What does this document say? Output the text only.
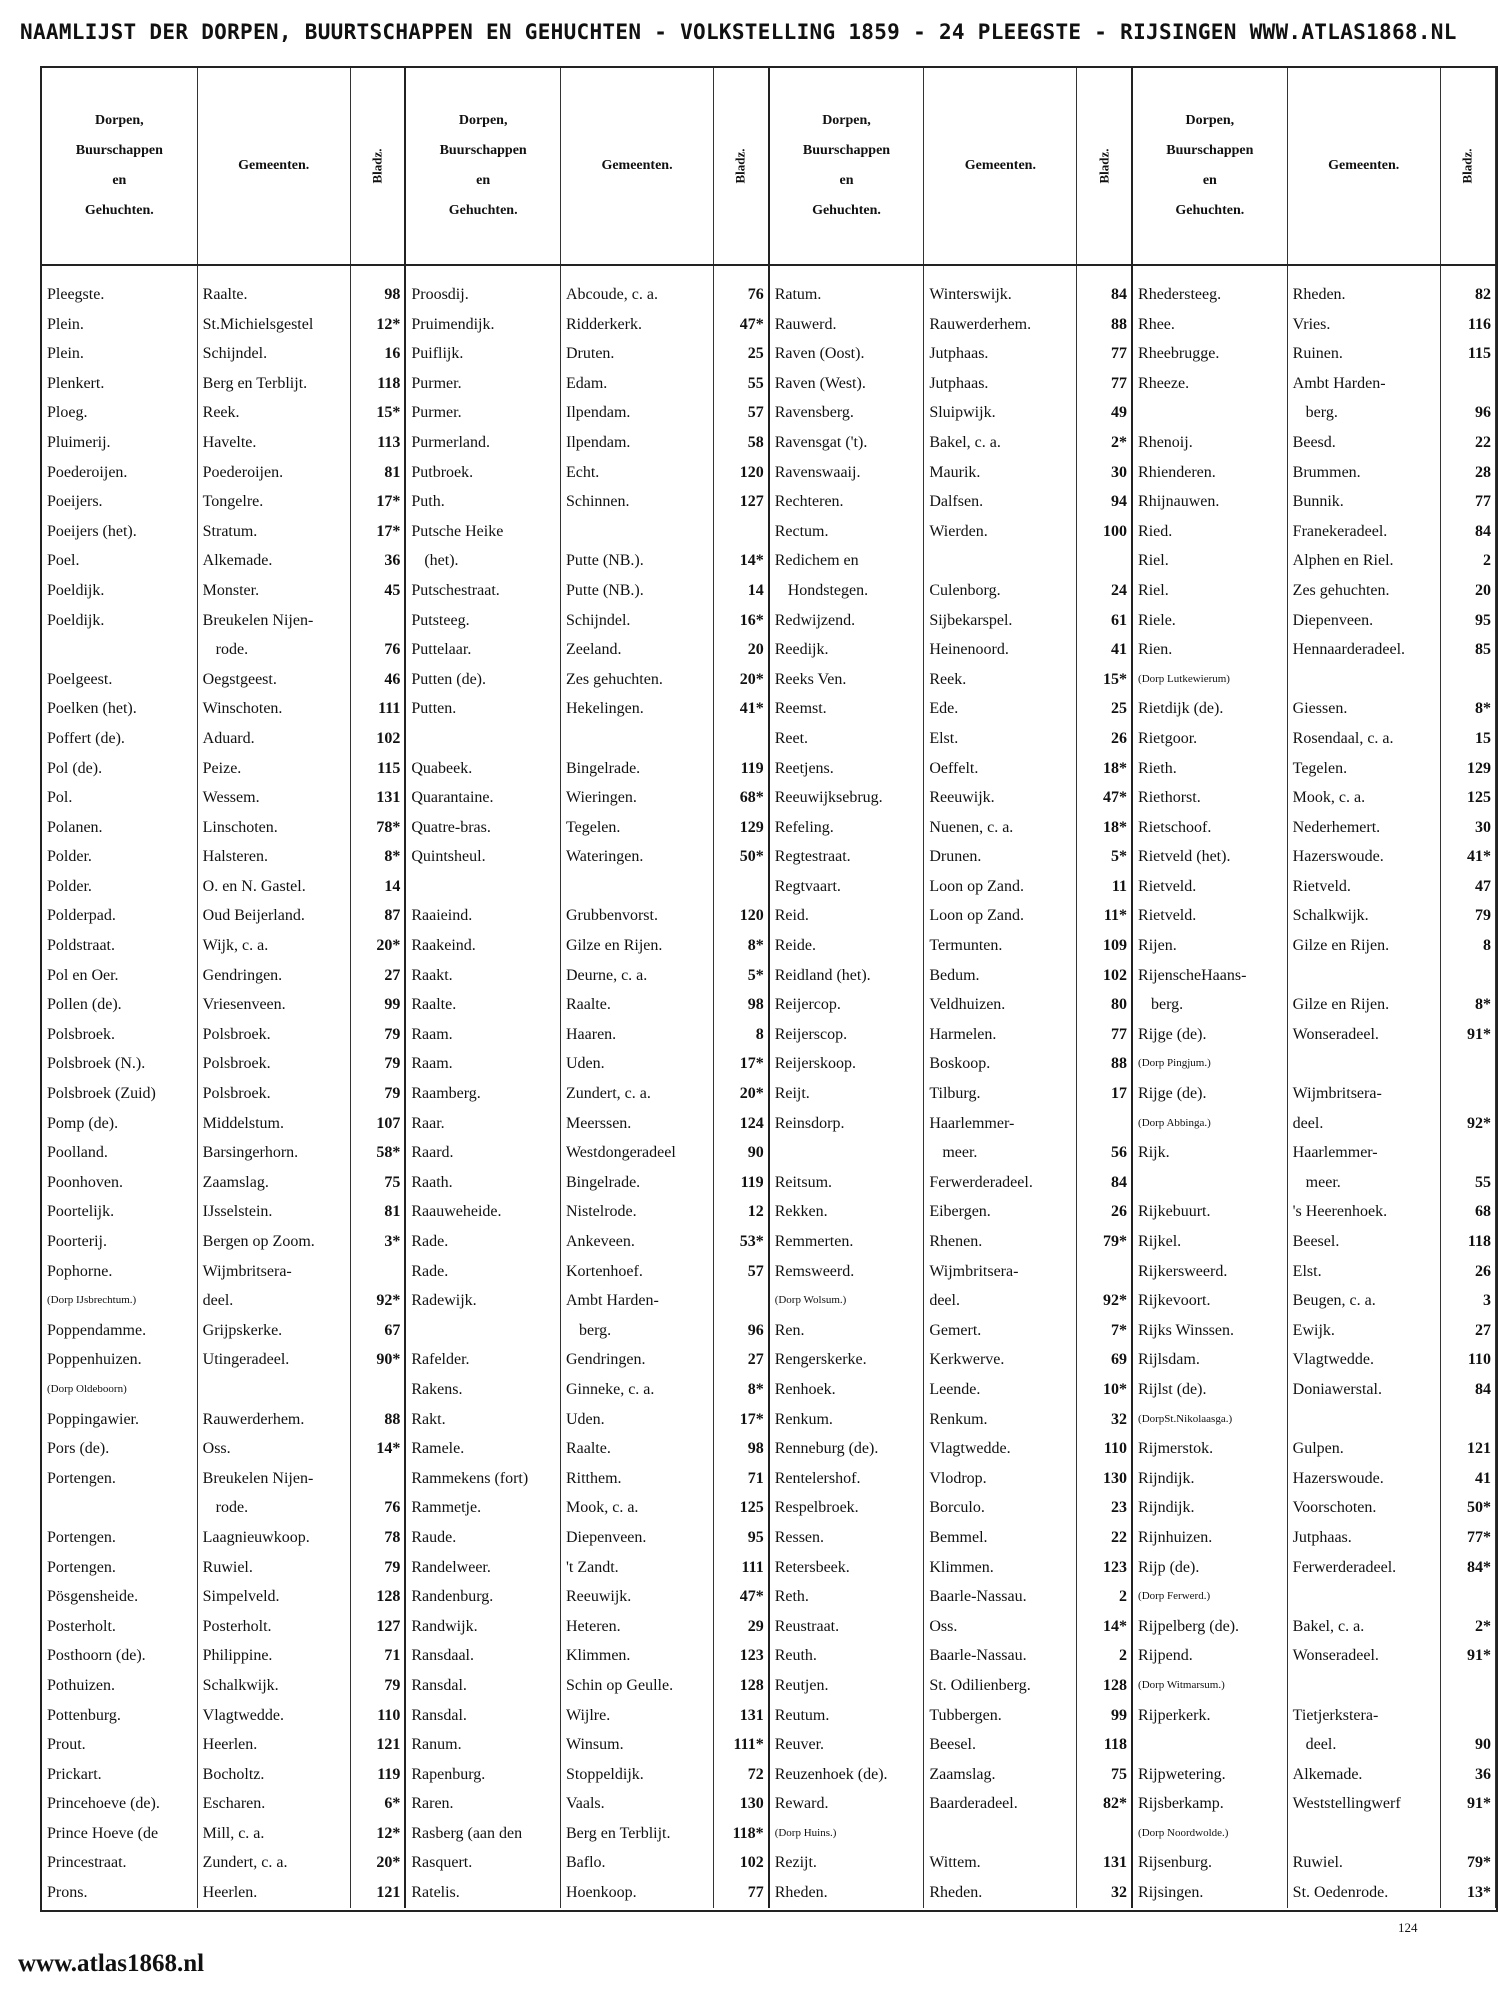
NAAMLIJST DER DORPEN, BUURTSCHAPPEN EN GEHUCHTEN - VOLKSTELLING 1859 - 24 PLEEGSTE - RIJSINGEN WWW.ATLAS1868.NL
Dorpen,
Buurschappen
en
Gehuchten.	Gemeenten.	Bladz.	Dorpen,
Buurschappen
en
Gehuchten.	Gemeenten.	Bladz.	Dorpen,
Buurschappen
en
Gehuchten.	Gemeenten.	Bladz.	Dorpen,
Buurschappen
en
Gehuchten.	Gemeenten.	Bladz.
Pleegste.	Raalte.	98	Proosdij.	Abcoude, c. a.	76	Ratum.	Winterswijk.	84	Rhedersteeg.	Rheden.	82
Plein.	St.Michielsgestel	12*	Pruimendijk.	Ridderkerk.	47*	Rauwerd.	Rauwerderhem.	88	Rhee.	Vries.	116
Plein.	Schijndel.	16	Puiflijk.	Druten.	25	Raven (Oost).	Jutphaas.	77	Rheebrugge.	Ruinen.	115
Plenkert.	Berg en Terblijt.	118	Purmer.	Edam.	55	Raven (West).	Jutphaas.	77	Rheeze.	Ambt Harden-	
Ploeg.	Reek.	15*	Purmer.	Ilpendam.	57	Ravensberg.	Sluipwijk.	49		berg.	96
Pluimerij.	Havelte.	113	Purmerland.	Ilpendam.	58	Ravensgat ('t).	Bakel, c. a.	2*	Rhenoij.	Beesd.	22
Poederoijen.	Poederoijen.	81	Putbroek.	Echt.	120	Ravenswaaij.	Maurik.	30	Rhienderen.	Brummen.	28
Poeijers.	Tongelre.	17*	Puth.	Schinnen.	127	Rechteren.	Dalfsen.	94	Rhijnauwen.	Bunnik.	77
Poeijers (het).	Stratum.	17*	Putsche Heike			Rectum.	Wierden.	100	Ried.	Franekeradeel.	84
Poel.	Alkemade.	36	(het).	Putte (NB.).	14*	Redichem en			Riel.	Alphen en Riel.	2
Poeldijk.	Monster.	45	Putschestraat.	Putte (NB.).	14	Hondstegen.	Culenborg.	24	Riel.	Zes gehuchten.	20
Poeldijk.	Breukelen Nijen-		Putsteeg.	Schijndel.	16*	Redwijzend.	Sijbekarspel.	61	Riele.	Diepenveen.	95
	rode.	76	Puttelaar.	Zeeland.	20	Reedijk.	Heinenoord.	41	Rien.	Hennaarderadeel.	85
Poelgeest.	Oegstgeest.	46	Putten (de).	Zes gehuchten.	20*	Reeks Ven.	Reek.	15*	(Dorp Lutkewierum)		
Poelken (het).	Winschoten.	111	Putten.	Hekelingen.	41*	Reemst.	Ede.	25	Rietdijk (de).	Giessen.	8*
Poffert (de).	Aduard.	102				Reet.	Elst.	26	Rietgoor.	Rosendaal, c. a.	15
Pol (de).	Peize.	115	Quabeek.	Bingelrade.	119	Reetjens.	Oeffelt.	18*	Rieth.	Tegelen.	129
Pol.	Wessem.	131	Quarantaine.	Wieringen.	68*	Reeuwijksebrug.	Reeuwijk.	47*	Riethorst.	Mook, c. a.	125
Polanen.	Linschoten.	78*	Quatre-bras.	Tegelen.	129	Refeling.	Nuenen, c. a.	18*	Rietschoof.	Nederhemert.	30
Polder.	Halsteren.	8*	Quintsheul.	Wateringen.	50*	Regtestraat.	Drunen.	5*	Rietveld (het).	Hazerswoude.	41*
Polder.	O. en N. Gastel.	14				Regtvaart.	Loon op Zand.	11	Rietveld.	Rietveld.	47
Polderpad.	Oud Beijerland.	87	Raaieind.	Grubbenvorst.	120	Reid.	Loon op Zand.	11*	Rietveld.	Schalkwijk.	79
Poldstraat.	Wijk, c. a.	20*	Raakeind.	Gilze en Rijen.	8*	Reide.	Termunten.	109	Rijen.	Gilze en Rijen.	8
Pol en Oer.	Gendringen.	27	Raakt.	Deurne, c. a.	5*	Reidland (het).	Bedum.	102	RijenscheHaans-		
Pollen (de).	Vriesenveen.	99	Raalte.	Raalte.	98	Reijercop.	Veldhuizen.	80	berg.	Gilze en Rijen.	8*
Polsbroek.	Polsbroek.	79	Raam.	Haaren.	8	Reijerscop.	Harmelen.	77	Rijge (de).	Wonseradeel.	91*
Polsbroek (N.).	Polsbroek.	79	Raam.	Uden.	17*	Reijerskoop.	Boskoop.	88	(Dorp Pingjum.)		
Polsbroek (Zuid)	Polsbroek.	79	Raamberg.	Zundert, c. a.	20*	Reijt.	Tilburg.	17	Rijge (de).	Wijmbritsera-	
Pomp (de).	Middelstum.	107	Raar.	Meerssen.	124	Reinsdorp.	Haarlemmer-		(Dorp Abbinga.)	deel.	92*
Poolland.	Barsingerhorn.	58*	Raard.	Westdongeradeel	90		meer.	56	Rijk.	Haarlemmer-	
Poonhoven.	Zaamslag.	75	Raath.	Bingelrade.	119	Reitsum.	Ferwerderadeel.	84		meer.	55
Poortelijk.	IJsselstein.	81	Raauweheide.	Nistelrode.	12	Rekken.	Eibergen.	26	Rijkebuurt.	's Heerenhoek.	68
Poorterij.	Bergen op Zoom.	3*	Rade.	Ankeveen.	53*	Remmerten.	Rhenen.	79*	Rijkel.	Beesel.	118
Pophorne.	Wijmbritsera-		Rade.	Kortenhoef.	57	Remsweerd.	Wijmbritsera-		Rijkersweerd.	Elst.	26
(Dorp IJsbrechtum.)	deel.	92*	Radewijk.	Ambt Harden-		(Dorp Wolsum.)	deel.	92*	Rijkevoort.	Beugen, c. a.	3
Poppendamme.	Grijpskerke.	67		berg.	96	Ren.	Gemert.	7*	Rijks Winssen.	Ewijk.	27
Poppenhuizen.	Utingeradeel.	90*	Rafelder.	Gendringen.	27	Rengerskerke.	Kerkwerve.	69	Rijlsdam.	Vlagtwedde.	110
(Dorp Oldeboorn)			Rakens.	Ginneke, c. a.	8*	Renhoek.	Leende.	10*	Rijlst (de).	Doniawerstal.	84
Poppingawier.	Rauwerderhem.	88	Rakt.	Uden.	17*	Renkum.	Renkum.	32	(DorpSt.Nikolaasga.)		
Pors (de).	Oss.	14*	Ramele.	Raalte.	98	Renneburg (de).	Vlagtwedde.	110	Rijmerstok.	Gulpen.	121
Portengen.	Breukelen Nijen-		Rammekens (fort)	Ritthem.	71	Rentelershof.	Vlodrop.	130	Rijndijk.	Hazerswoude.	41
	rode.	76	Rammetje.	Mook, c. a.	125	Respelbroek.	Borculo.	23	Rijndijk.	Voorschoten.	50*
Portengen.	Laagnieuwkoop.	78	Raude.	Diepenveen.	95	Ressen.	Bemmel.	22	Rijnhuizen.	Jutphaas.	77*
Portengen.	Ruwiel.	79	Randelweer.	't Zandt.	111	Retersbeek.	Klimmen.	123	Rijp (de).	Ferwerderadeel.	84*
Pösgensheide.	Simpelveld.	128	Randenburg.	Reeuwijk.	47*	Reth.	Baarle-Nassau.	2	(Dorp Ferwerd.)		
Posterholt.	Posterholt.	127	Randwijk.	Heteren.	29	Reustraat.	Oss.	14*	Rijpelberg (de).	Bakel, c. a.	2*
Posthoorn (de).	Philippine.	71	Ransdaal.	Klimmen.	123	Reuth.	Baarle-Nassau.	2	Rijpend.	Wonseradeel.	91*
Pothuizen.	Schalkwijk.	79	Ransdal.	Schin op Geulle.	128	Reutjen.	St. Odilienberg.	128	(Dorp Witmarsum.)		
Pottenburg.	Vlagtwedde.	110	Ransdal.	Wijlre.	131	Reutum.	Tubbergen.	99	Rijperkerk.	Tietjerkstera-	
Prout.	Heerlen.	121	Ranum.	Winsum.	111*	Reuver.	Beesel.	118		deel.	90
Prickart.	Bocholtz.	119	Rapenburg.	Stoppeldijk.	72	Reuzenhoek (de).	Zaamslag.	75	Rijpwetering.	Alkemade.	36
Princehoeve (de).	Escharen.	6*	Raren.	Vaals.	130	Reward.	Baarderadeel.	82*	Rijsberkamp.	Weststellingwerf	91*
Prince Hoeve (de	Mill, c. a.	12*	Rasberg (aan den	Berg en Terblijt.	118*	(Dorp Huins.)			(Dorp Noordwolde.)		
Princestraat.	Zundert, c. a.	20*	Rasquert.	Baflo.	102	Rezijt.	Wittem.	131	Rijsenburg.	Ruwiel.	79*
Prons.	Heerlen.	121	Ratelis.	Hoenkoop.	77	Rheden.	Rheden.	32	Rijsingen.	St. Oedenrode.	13*
124
www.atlas1868.nl
